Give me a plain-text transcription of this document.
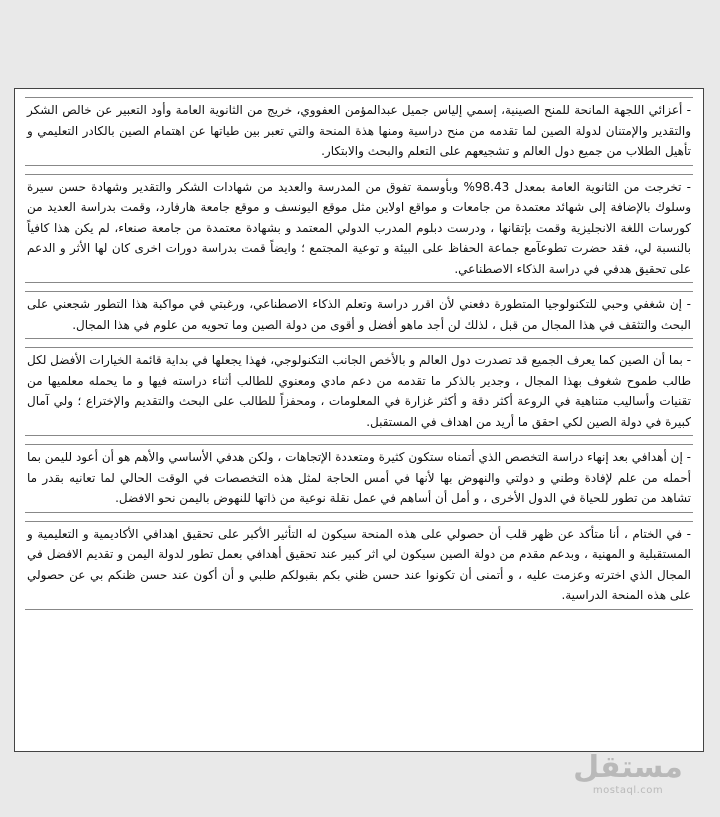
- أعزائي اللجهة المانحة للمنح الصينية، إسمي إلياس جميل عبدالمؤمن العفووي، خريج من الثانوية العامة وأود التعبير عن خالص الشكر والتقدير والإمتنان لدولة الصين لما تقدمه من منح دراسية ومنها هذة المنحة والتي تعبر بين طياتها عن اهتمام الصين بالكادر التعليمي و تأهيل الطلاب من جميع دول العالم و تشجيعهم على التعلم والبحث والابتكار.

- تخرجت من الثانوية العامة بمعدل 98.43% وبأوسمة تفوق من المدرسة والعديد من شهادات الشكر والتقدير وشهادة حسن سيرة وسلوك بالإضافة إلى شهائد معتمدة من جامعات و مواقع اولاين مثل موقع اليونسف و موقع جامعة هارفارد، وقمت بدراسة العديد من كورسات اللغة الانجليزية وقمت بإتقانها ، ودرست دبلوم المدرب الدولي المعتمد و بشهادة معتمدة من جامعة صنعاء، لم يكن هذا كافياً بالنسبة لي، فقد حضرت تطوعآمع جماعة الحفاظ على البيئة و توعية المجتمع ؛ وايضاً قمت بدراسة دورات اخرى كان لها الأثر و الدعم على تحقيق هدفي في دراسة الذكاء الاصطناعي.

- إن شغفي وحبي للتكنولوجيا المتطورة دفعني لأن اقرر دراسة وتعلم الذكاء الاصطناعي، ورغبتي في مواكبة هذا التطور شجعني على البحث والتثقف في هذا المجال من قبل ، لذلك لن أجد ماهو أفضل و أقوى من دولة الصين وما تحويه من علوم في هذا المجال.

- بما أن الصين كما يعرف الجميع قد تصدرت دول العالم و بالأخص الجانب التكنولوجي، فهذا يجعلها في بداية قائمة الخيارات الأفضل لكل طالب طموح شغوف بهذا المجال ، وجدير بالذكر ما تقدمه من دعم مادي ومعنوي للطالب أثناء دراسته فيها و ما يحمله معلميها من تقنيات وأساليب متناهية في الروعة أكثر دقة و أكثر غزارة في المعلومات ، ومحفزاً للطالب على البحث والتقديم والإختراع ؛ ولي آمال كبيرة في دولة الصين لكي احقق ما أريد من اهداف في المستقبل.

- إن أهدافي بعد إنهاء دراسة التخصص الذي أتمناه ستكون كثيرة ومتعددة الإتجاهات ، ولكن هدفي الأساسي والأهم هو أن أعود لليمن بما أحمله من علم لإفادة وطني و دولتي والنهوض بها لأنها في أمس الحاجة لمثل هذه التخصصات في الوقت الحالي لما تعانيه بقدر ما تشاهد من تطور للحياة في الدول الأخرى ، و أمل أن أساهم في عمل نقلة نوعية من ذاتها للنهوض باليمن نحو الافضل.

- في الختام ، أنا متأكد عن ظهر قلب أن حصولي على هذه المنحة سيكون له التأثير الأكبر على تحقيق اهدافي الأكاديمية و التعليمية و المستقبلية و المهنية ، وبدعم مقدم من دولة الصين سيكون لي اثر كبير عند تحقيق أهدافي بعمل تطور لدولة اليمن و تقديم الافضل في المجال الذي اخترته وعزمت عليه ، و أتمنى أن تكونوا عند حسن ظني بكم بقبولكم طلبي و أن أكون عند حسن ظنكم بي عن حصولي على هذه المنحة الدراسية.

مستقل
mostaql.com
